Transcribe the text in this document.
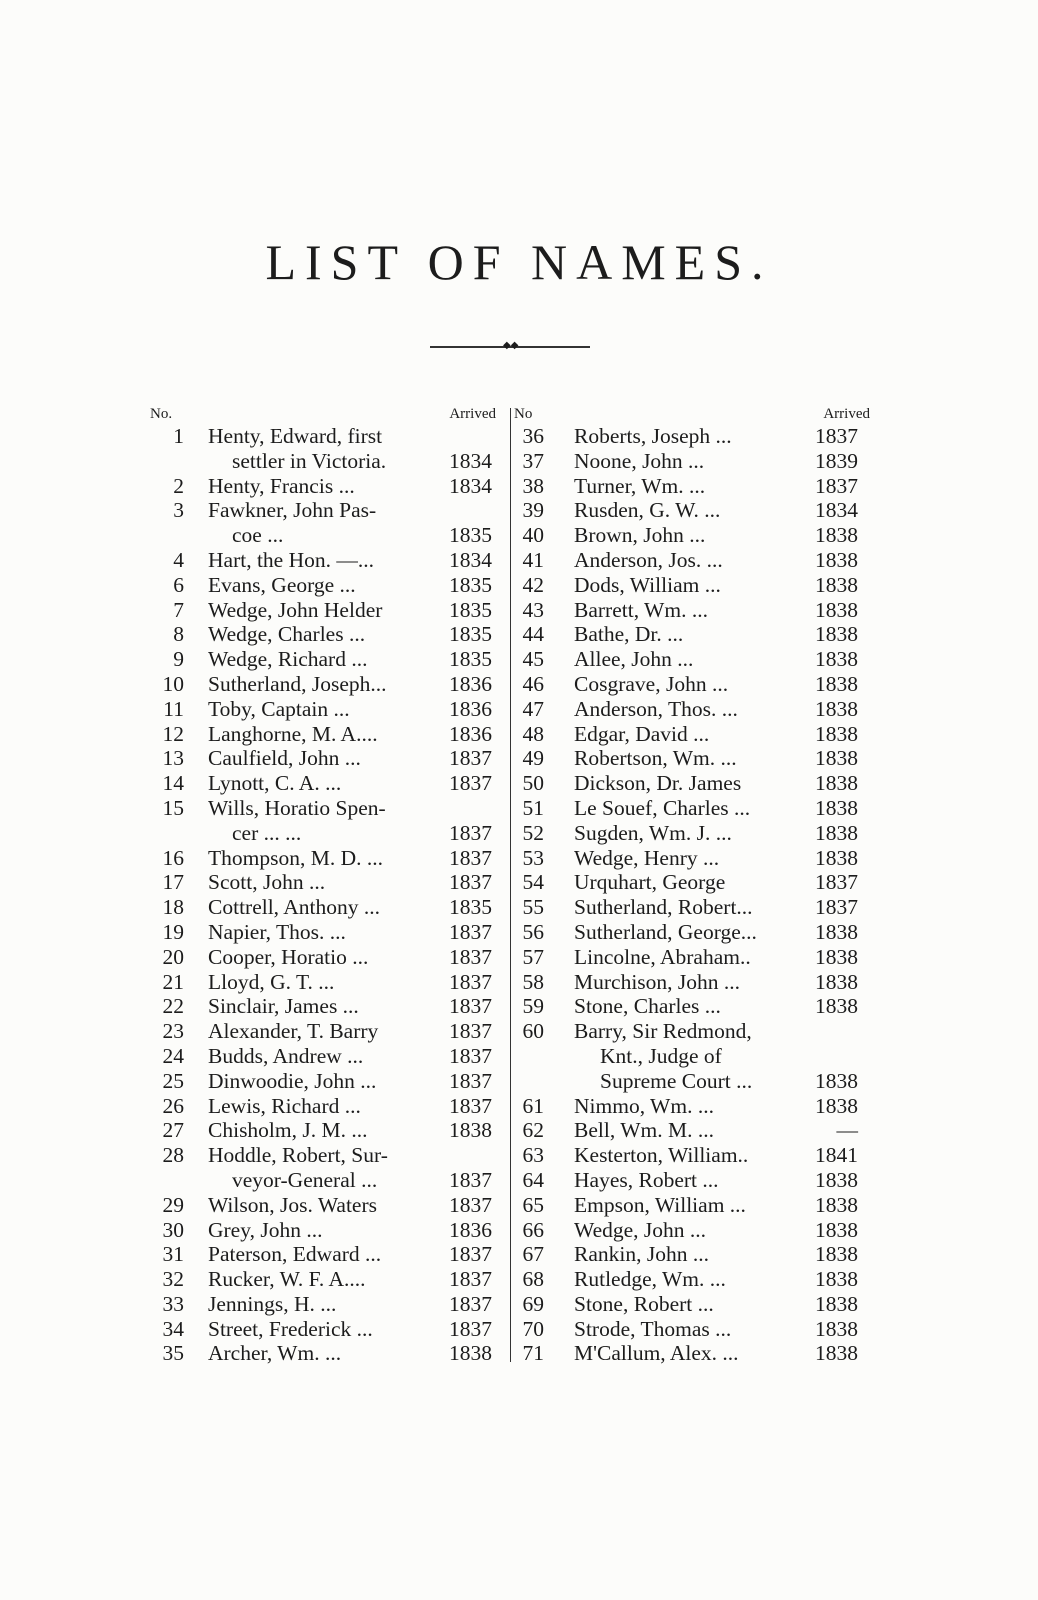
LIST OF NAMES.
◆◆
No.	Arrived
1 Henty, Edward, first
settler in Victoria.	1834
2 Henty, Francis ...	1834
3 Fawkner, John Pas-
coe ...	1835
4 Hart, the Hon. —...	1834
6 Evans, George ...	1835
7 Wedge, John Helder	1835
8 Wedge, Charles ...	1835
9 Wedge, Richard ...	1835
10 Sutherland, Joseph...	1836
11 Toby, Captain ...	1836
12 Langhorne, M. A....	1836
13 Caulfield, John ...	1837
14 Lynott, C. A. ...	1837
15 Wills, Horatio Spen-
cer ... ...	1837
16 Thompson, M. D. ...	1837
17 Scott, John ...	1837
18 Cottrell, Anthony ...	1835
19 Napier, Thos. ...	1837
20 Cooper, Horatio ...	1837
21 Lloyd, G. T. ...	1837
22 Sinclair, James ...	1837
23 Alexander, T. Barry	1837
24 Budds, Andrew ...	1837
25 Dinwoodie, John ...	1837
26 Lewis, Richard ...	1837
27 Chisholm, J. M. ...	1838
28 Hoddle, Robert, Sur-
veyor-General ...	1837
29 Wilson, Jos. Waters	1837
30 Grey, John ...	1836
31 Paterson, Edward ...	1837
32 Rucker, W. F. A....	1837
33 Jennings, H. ...	1837
34 Street, Frederick ...	1837
35 Archer, Wm. ...	1838
No	Arrived
36 Roberts, Joseph ...	1837
37 Noone, John ...	1839
38 Turner, Wm. ...	1837
39 Rusden, G. W. ...	1834
40 Brown, John ...	1838
41 Anderson, Jos. ...	1838
42 Dods, William ...	1838
43 Barrett, Wm. ...	1838
44 Bathe, Dr. ...	1838
45 Allee, John ...	1838
46 Cosgrave, John ...	1838
47 Anderson, Thos. ...	1838
48 Edgar, David ...	1838
49 Robertson, Wm. ...	1838
50 Dickson, Dr. James	1838
51 Le Souef, Charles ...	1838
52 Sugden, Wm. J. ...	1838
53 Wedge, Henry ...	1838
54 Urquhart, George	1837
55 Sutherland, Robert...	1837
56 Sutherland, George...	1838
57 Lincolne, Abraham..	1838
58 Murchison, John ...	1838
59 Stone, Charles ...	1838
60 Barry, Sir Redmond,
Knt., Judge of
Supreme Court ...	1838
61 Nimmo, Wm. ...	1838
62 Bell, Wm. M. ...	—
63 Kesterton, William..	1841
64 Hayes, Robert ...	1838
65 Empson, William ...	1838
66 Wedge, John ...	1838
67 Rankin, John ...	1838
68 Rutledge, Wm. ...	1838
69 Stone, Robert ...	1838
70 Strode, Thomas ...	1838
71 M'Callum, Alex. ...	1838
